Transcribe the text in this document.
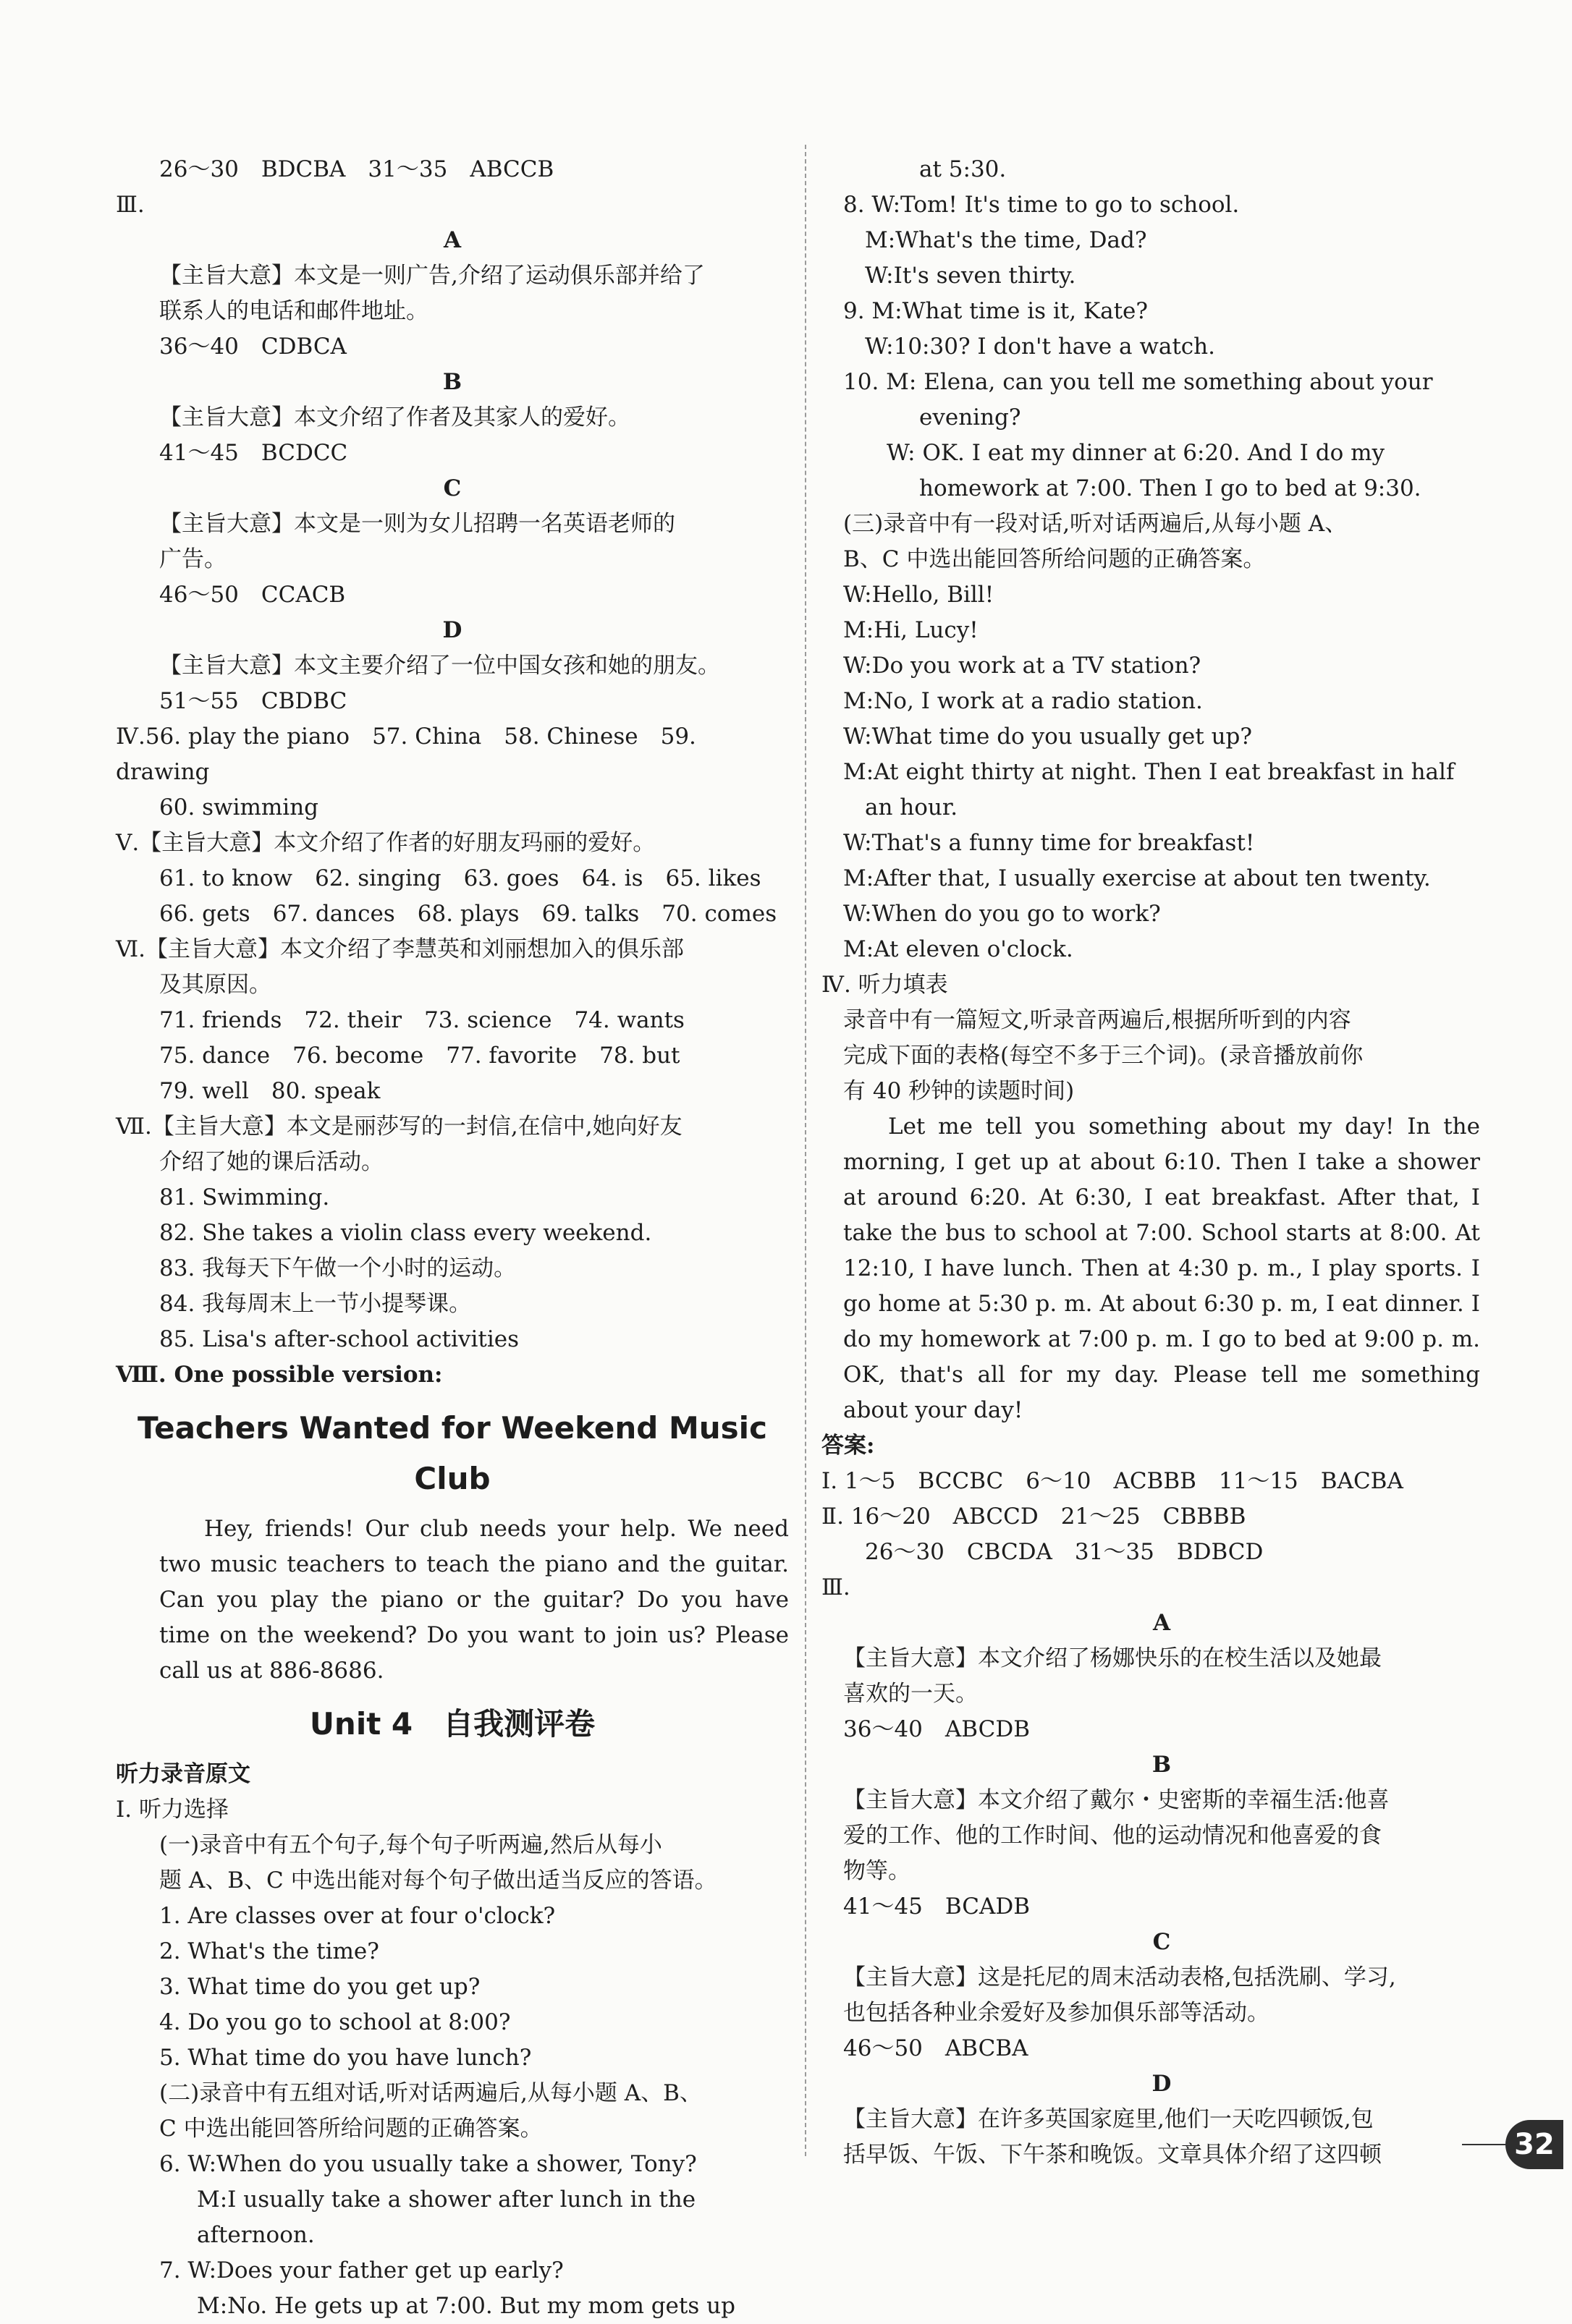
26～30　BDCBA　31～35　ABCCB
Ⅲ.
A
【主旨大意】本文是一则广告,介绍了运动俱乐部并给了
联系人的电话和邮件地址。
36～40　CDBCA
B
【主旨大意】本文介绍了作者及其家人的爱好。
41～45　BCDCC
C
【主旨大意】本文是一则为女儿招聘一名英语老师的
广告。
46～50　CCACB
D
【主旨大意】本文主要介绍了一位中国女孩和她的朋友。
51～55　CBDBC
Ⅳ.56. play the piano　57. China　58. Chinese　59. drawing
60. swimming
Ⅴ.【主旨大意】本文介绍了作者的好朋友玛丽的爱好。
61. to know　62. singing　63. goes　64. is　65. likes
66. gets　67. dances　68. plays　69. talks　70. comes
Ⅵ.【主旨大意】本文介绍了李慧英和刘丽想加入的俱乐部
及其原因。
71. friends　72. their　73. science　74. wants
75. dance　76. become　77. favorite　78. but
79. well　80. speak
Ⅶ.【主旨大意】本文是丽莎写的一封信,在信中,她向好友
介绍了她的课后活动。
81. Swimming.
82. She takes a violin class every weekend.
83. 我每天下午做一个小时的运动。
84. 我每周末上一节小提琴课。
85. Lisa's after-school activities
Ⅷ. One possible version:
Teachers Wanted for Weekend Music Club
Hey, friends! Our club needs your help. We need two music teachers to teach the piano and the guitar. Can you play the piano or the guitar? Do you have time on the weekend? Do you want to join us? Please call us at 886-8686.
Unit 4　自我测评卷
听力录音原文
Ⅰ. 听力选择
(一)录音中有五个句子,每个句子听两遍,然后从每小
题 A、B、C 中选出能对每个句子做出适当反应的答语。
1. Are classes over at four o'clock?
2. What's the time?
3. What time do you get up?
4. Do you go to school at 8:00?
5. What time do you have lunch?
(二)录音中有五组对话,听对话两遍后,从每小题 A、B、
C 中选出能回答所给问题的正确答案。
6. W:When do you usually take a shower, Tony?
M:I usually take a shower after lunch in the afternoon.
7. W:Does your father get up early?
M:No. He gets up at 7:00. But my mom gets up
at 5:30.
8. W:Tom! It's time to go to school.
M:What's the time, Dad?
W:It's seven thirty.
9. M:What time is it, Kate?
W:10:30? I don't have a watch.
10. M: Elena, can you tell me something about your
evening?
W: OK. I eat my dinner at 6:20. And I do my
homework at 7:00. Then I go to bed at 9:30.
(三)录音中有一段对话,听对话两遍后,从每小题 A、
B、C 中选出能回答所给问题的正确答案。
W:Hello, Bill!
M:Hi, Lucy!
W:Do you work at a TV station?
M:No, I work at a radio station.
W:What time do you usually get up?
M:At eight thirty at night. Then I eat breakfast in half
an hour.
W:That's a funny time for breakfast!
M:After that, I usually exercise at about ten twenty.
W:When do you go to work?
M:At eleven o'clock.
Ⅳ. 听力填表
录音中有一篇短文,听录音两遍后,根据所听到的内容
完成下面的表格(每空不多于三个词)。(录音播放前你
有 40 秒钟的读题时间)
Let me tell you something about my day! In the morning, I get up at about 6:10. Then I take a shower at around 6:20. At 6:30, I eat breakfast. After that, I take the bus to school at 7:00. School starts at 8:00. At 12:10, I have lunch. Then at 4:30 p. m., I play sports. I go home at 5:30 p. m. At about 6:30 p. m, I eat dinner. I do my homework at 7:00 p. m. I go to bed at 9:00 p. m. OK, that's all for my day. Please tell me something about your day!
答案:
Ⅰ. 1～5　BCCBC　6～10　ACBBB　11～15　BACBA
Ⅱ. 16～20　ABCCD　21～25　CBBBB
26～30　CBCDA　31～35　BDBCD
Ⅲ.
A
【主旨大意】本文介绍了杨娜快乐的在校生活以及她最
喜欢的一天。
36～40　ABCDB
B
【主旨大意】本文介绍了戴尔・史密斯的幸福生活:他喜
爱的工作、他的工作时间、他的运动情况和他喜爱的食
物等。
41～45　BCADB
C
【主旨大意】这是托尼的周末活动表格,包括洗刷、学习,
也包括各种业余爱好及参加俱乐部等活动。
46～50　ABCBA
D
【主旨大意】在许多英国家庭里,他们一天吃四顿饭,包
括早饭、午饭、下午茶和晚饭。文章具体介绍了这四顿	32
